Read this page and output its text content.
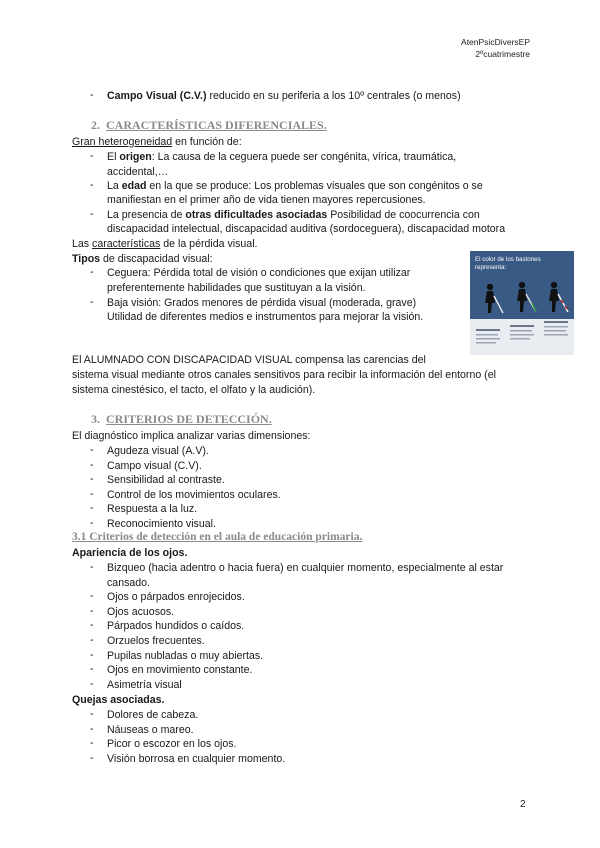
AtenPsicDiversEP
2ºcuatrimestre
- Campo Visual (C.V.) reducido en su periferia a los 10º centrales (o menos)
2. CARACTERÍSTICAS DIFERENCIALES.
Gran heterogeneidad en función de:
- El origen: La causa de la ceguera puede ser congénita, vírica, traumática,
accidental,…
- La edad en la que se produce: Los problemas visuales que son congénitos o se
manifiestan en el primer año de vida tienen mayores repercusiones.
- La presencia de otras dificultades asociadas Posibilidad de coocurrencia con
discapacidad intelectual, discapacidad auditiva (sordoceguera), discapacidad motora
Las características de la pérdida visual.
Tipos de discapacidad visual:
- Ceguera: Pérdida total de visión o condiciones que exijan utilizar
preferentemente habilidades que sustituyan a la visión.
- Baja visión: Grados menores de pérdida visual (moderada, grave)
Utilidad de diferentes medios e instrumentos para mejorar la visión.
El color de los bastones
representa:
El ALUMNADO CON DISCAPACIDAD VISUAL compensa las carencias del
sistema visual mediante otros canales sensitivos para recibir la información del entorno (el
sistema cinestésico, el tacto, el olfato y la audición).
3. CRITERIOS DE DETECCIÓN.
El diagnóstico implica analizar varias dimensiones:
- Agudeza visual (A.V).
- Campo visual (C.V).
- Sensibilidad al contraste.
- Control de los movimientos oculares.
- Respuesta a la luz.
- Reconocimiento visual.
3.1 Criterios de detección en el aula de educación primaria.
Apariencia de los ojos.
- Bizqueo (hacia adentro o hacia fuera) en cualquier momento, especialmente al estar
cansado.
- Ojos o párpados enrojecidos.
- Ojos acuosos.
- Párpados hundidos o caídos.
- Orzuelos frecuentes.
- Pupilas nubladas o muy abiertas.
- Ojos en movimiento constante.
- Asimetría visual
Quejas asociadas.
- Dolores de cabeza.
- Náuseas o mareo.
- Picor o escozor en los ojos.
- Visión borrosa en cualquier momento.
2
